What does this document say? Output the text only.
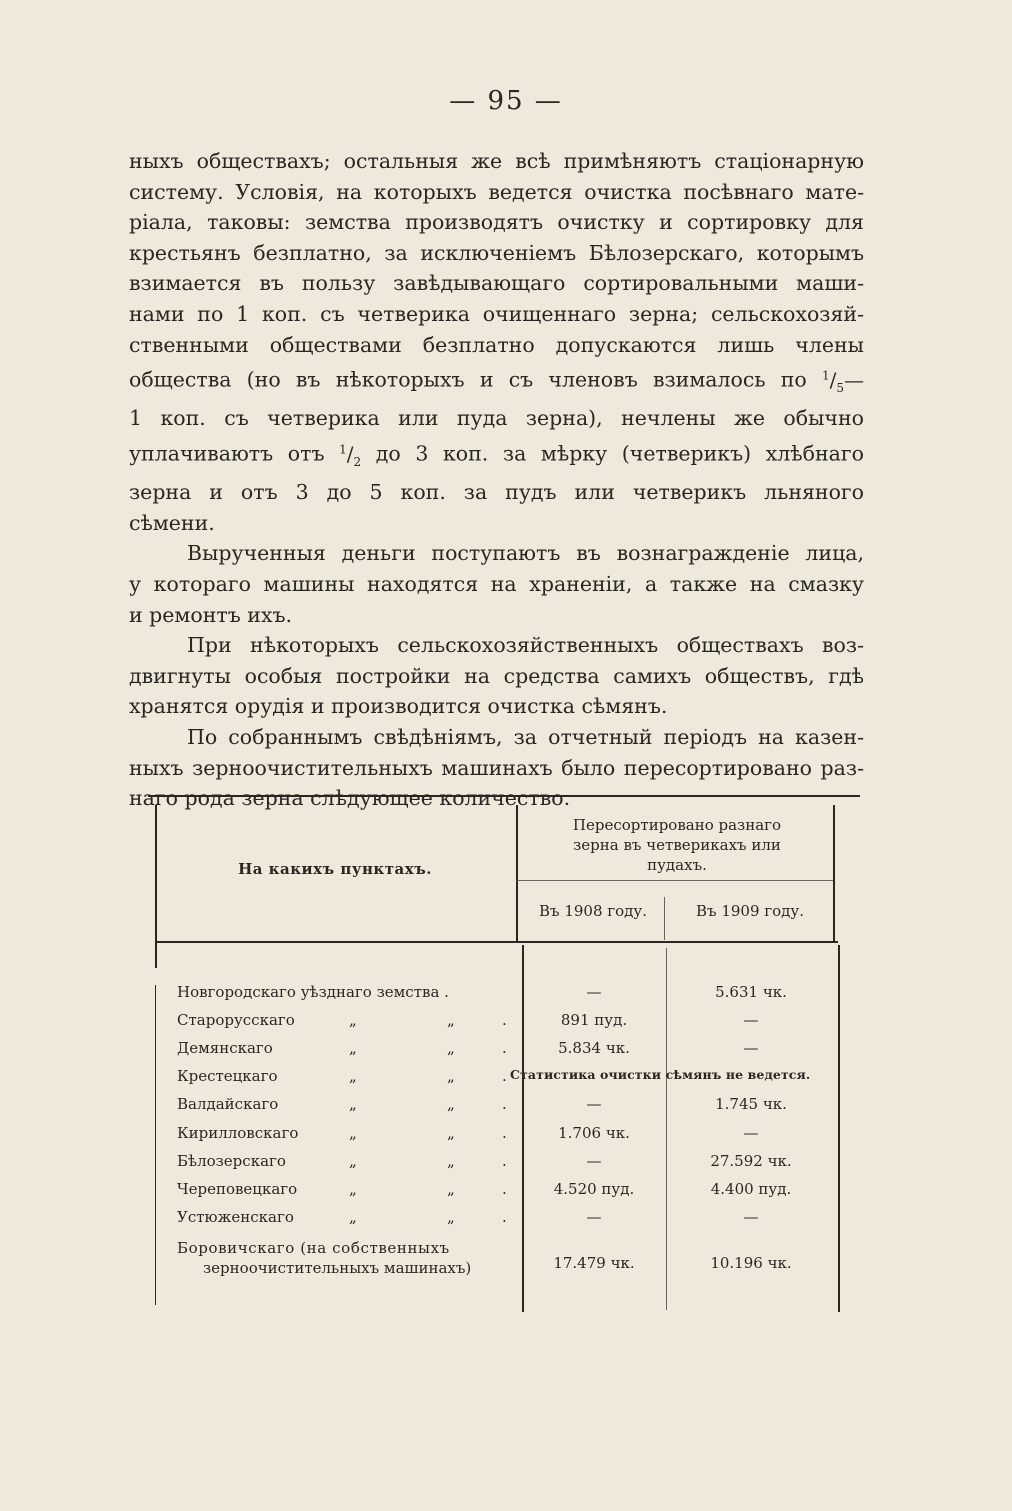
— 95 —
ныхъ обществахъ; остальныя же всѣ примѣняютъ стаціонарную
систему. Условія, на которыхъ ведется очистка посѣвнаго мате-
ріала, таковы: земства производятъ очистку и сортировку для
крестьянъ безплатно, за исключеніемъ Бѣлозерскаго, которымъ
взимается въ пользу завѣдывающаго сортировальными маши-
нами по 1 коп. съ четверика очищеннаго зерна; сельскохозяй-
ственными обществами безплатно допускаются лишь члены
общества (но въ нѣкоторыхъ и съ членовъ взималось по $^1/_5—$
1 коп. съ четверика или пуда зерна), нечлены же обычно
уплачиваютъ отъ $^1/_2$ до 3 коп. за мѣрку (четверикъ) хлѣбнаго
зерна и отъ 3 до 5 коп. за пудъ или четверикъ льняного
сѣмени.
Вырученныя деньги поступаютъ въ вознагражденіе лица,
у котораго машины находятся на храненіи, а также на смазку
и ремонтъ ихъ.
При нѣкоторыхъ сельскохозяйственныхъ обществахъ воз-
двигнуты особыя постройки на средства самихъ обществъ, гдѣ
хранятся орудія и производится очистка сѣмянъ.
По собраннымъ свѣдѣніямъ, за отчетный періодъ на казен-
ныхъ зерноочистительныхъ машинахъ было пересортировано раз-
наго рода зерна слѣдующее количество.
На какихъ пунктахъ.
Пересортировано разнаго
зерна въ четверикахъ или
пудахъ.
Въ 1908 году.	Въ 1909 году.
Новгородскаго уѣзднаго земства .	—	5.631 чк.
Старорусскаго	„	„	.	891 пуд.	—
Демянскаго	„	„	.	5.834 чк.	—
Крестецкаго	„	„	. Статистика очистки сѣмянъ не ведется.
Валдайскаго	„	„	.	—	1.745 чк.
Кирилловскаго	„	„	.	1.706 чк.	—
Бѣлозерскаго	„	„	.	—	27.592 чк.
Череповецкаго	„	„	.	4.520 пуд.	4.400 пуд.
Устюженскаго	„	„	.	—	—
Боровичскаго (на собственныхъ
зерноочистительныхъ машинахъ)	17.479 чк.	10.196 чк.
